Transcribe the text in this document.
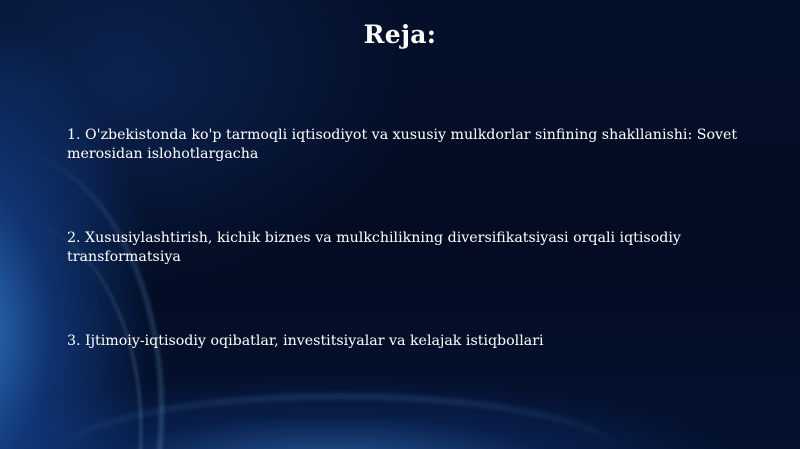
Reja:

1. O'zbekistonda ko'p tarmoqli iqtisodiyot va xususiy mulkdorlar sinfining shakllanishi: Sovet merosidan islohotlargacha

2. Xususiylashtirish, kichik biznes va mulkchilikning diversifikatsiyasi orqali iqtisodiy transformatsiya

3. Ijtimoiy-iqtisodiy oqibatlar, investitsiyalar va kelajak istiqbollari
